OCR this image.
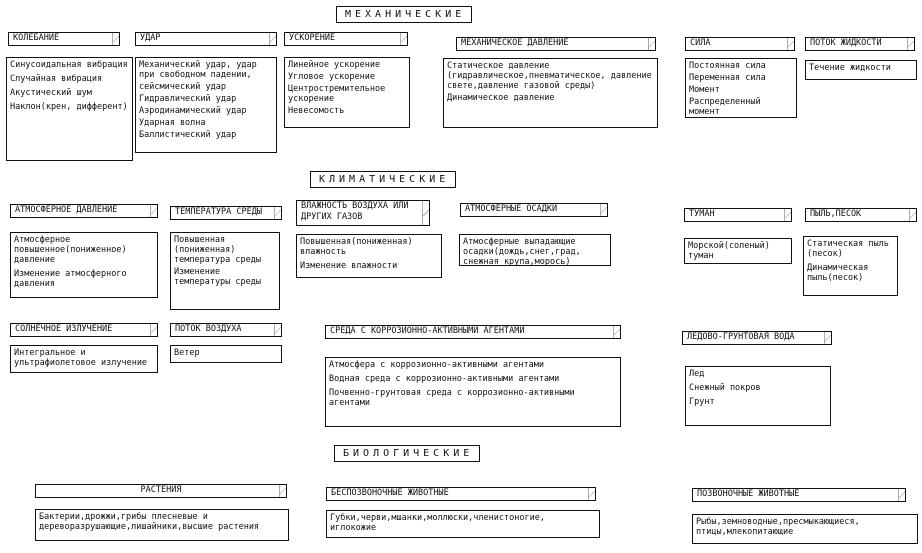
МЕХАНИЧЕСКИЕ
КЛИМАТИЧЕСКИЕ
БИОЛОГИЧЕСКИЕ
КОЛЕБАНИЕ
Синусоидальная вибрация
Случайная вибрация
Акустический шум
Наклон(крен, дифферент)
УДАР
Механический удар, удар при свободном падении,
сейсмический удар
Гидравлический удар
Аэродинамический удар
Ударная волна
Баллистический удар
УСКОРЕНИЕ
Линейное ускорение
Угловое ускорение
Центростремительное ускорение
Невесомость
МЕХАНИЧЕСКОЕ ДАВЛЕНИЕ
Статическое давление (гидравлическое,пневматическое, давление свете,давление газовой среды)
Динамическое давление
СИЛА
Постоянная сила
Переменная сила
Момент
Распределенный момент
ПОТОК ЖИДКОСТИ
Течение жидкости
АТМОСФЕРНОЕ ДАВЛЕНИЕ
Атмосферное повышенное(пониженное) давление
Изменение атмосферного давления
ТЕМПЕРАТУРА СРЕДЫ
Повышенная (пониженная) температура среды
Изменение температуры среды
ВЛАЖНОСТЬ ВОЗДУХА ИЛИ ДРУГИХ ГАЗОВ
Повышенная(пониженная) влажность
Изменение влажности
АТМОСФЕРНЫЕ ОСАДКИ
Атмосферные выпадающие осадки(дождь,снег,град, снежная крупа,морось)
ТУМАН
Морской(соленый) туман
ПЫЛЬ,ПЕСОК
Статическая пыль (песок)
Динамическая пыль(песок)
СОЛНЕЧНОЕ ИЗЛУЧЕНИЕ
Интегральное и ультрафиолетовое излучение
ПОТОК ВОЗДУХА
Ветер
СРЕДА С КОРРОЗИОННО-АКТИВНЫМИ АГЕНТАМИ
Атмосфера с коррозионно-активными агентами
Водная среда с коррозионно-активными агентами
Почвенно-грунтовая среда с коррозионно-активными агентами
ЛЕДОВО-ГРУНТОВАЯ ВОДА
Лед
Снежный покров
Грунт
РАСТЕНИЯ
Бактерии,дрожжи,грибы плесневые и дереворазрушающие,лишайники,высшие растения
БЕСПОЗВОНОЧНЫЕ ЖИВОТНЫЕ
Губки,черви,мшанки,моллюски,членистоногие, иглокожие
ПОЗВОНОЧНЫЕ ЖИВОТНЫЕ
Рыбы,земноводные,пресмыкающиеся, птицы,млекопитающие
